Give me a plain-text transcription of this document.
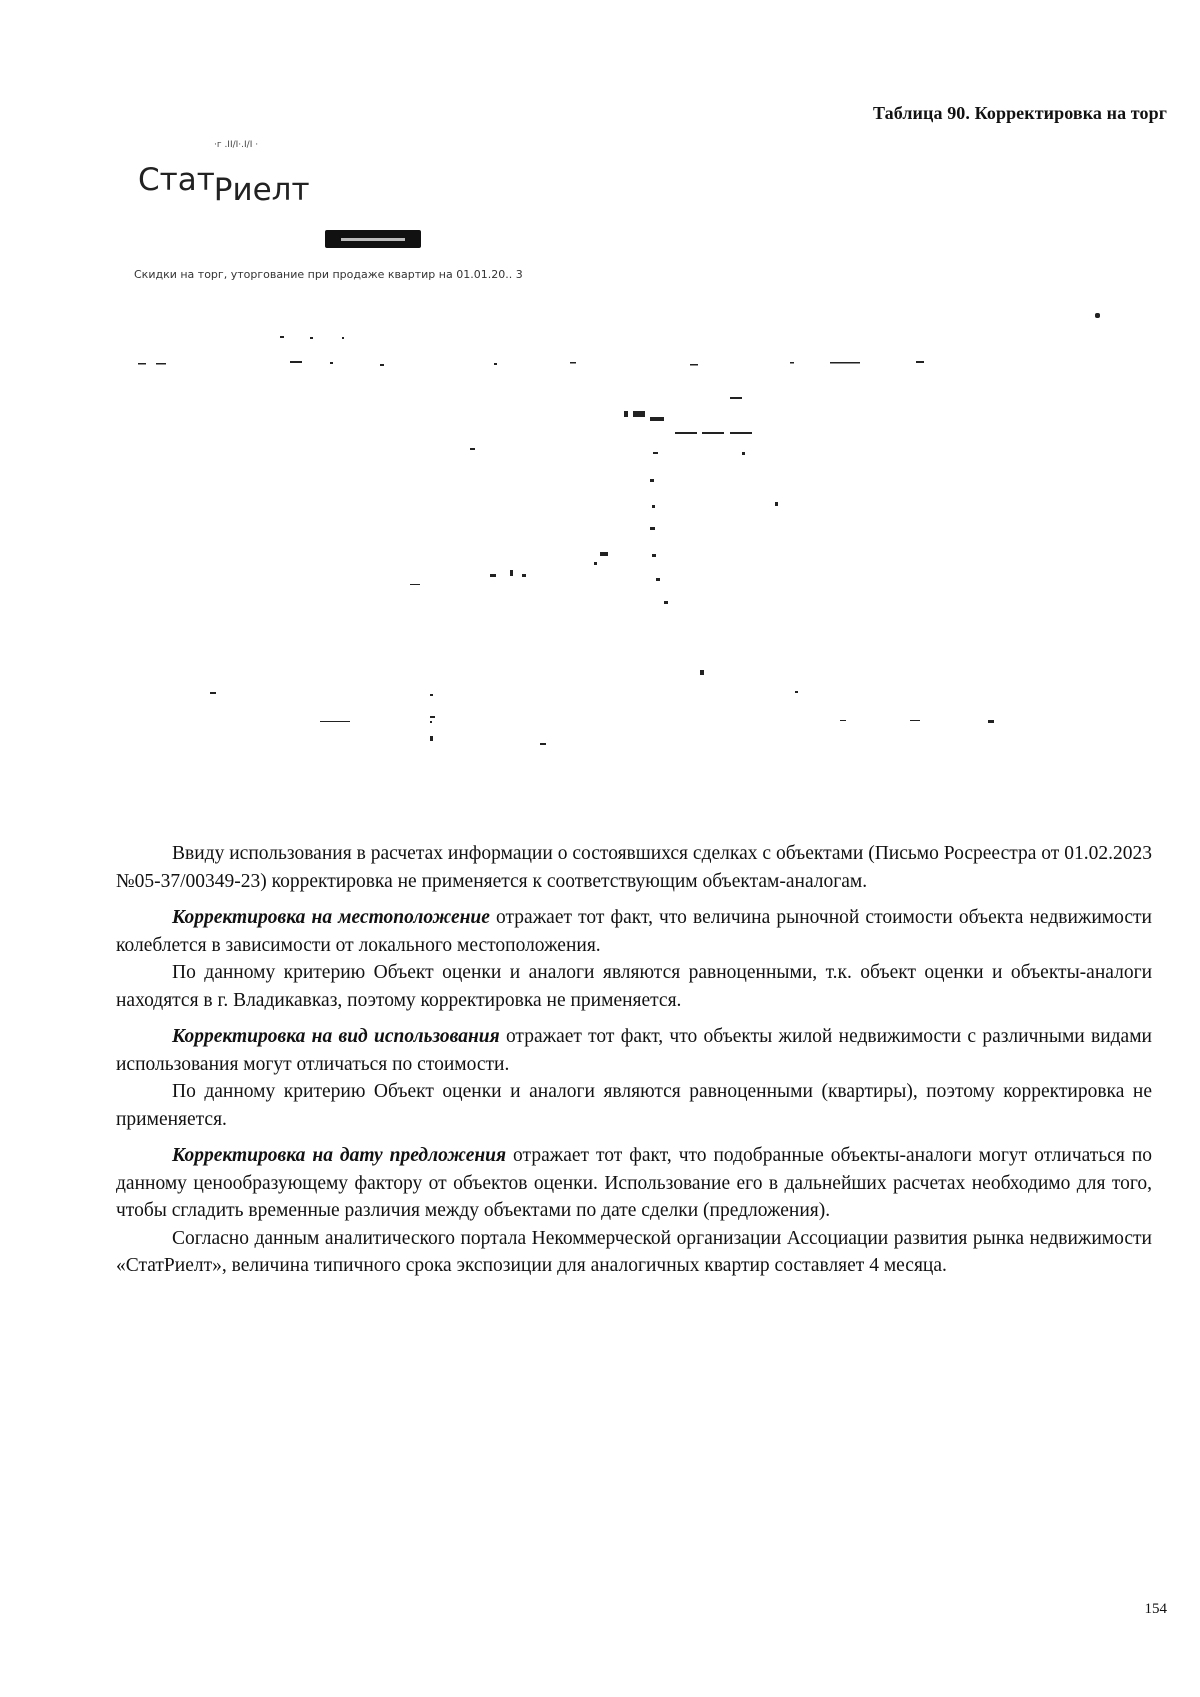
Таблица 90. Корректировка на торг
·г .II/I·.I/I ·
СтатРиелт
Скидки на торг, уторгование при продаже квартир на 01.01.20.. 3

Ввиду использования в расчетах информации о состоявшихся сделках с объектами (Письмо Росреестра от 01.02.2023 №05-37/00349-23) корректировка не применяется к соответствующим объектам-аналогам.

Корректировка на местоположение отражает тот факт, что величина рыночной стоимости объекта недвижимости колеблется в зависимости от локального местоположения.

По данному критерию Объект оценки и аналоги являются равноценными, т.к. объект оценки и объекты-аналоги находятся в г. Владикавказ, поэтому корректировка не применяется.

Корректировка на вид использования отражает тот факт, что объекты жилой недвижимости с различными видами использования могут отличаться по стоимости.

По данному критерию Объект оценки и аналоги являются равноценными (квартиры), поэтому корректировка не применяется.

Корректировка на дату предложения отражает тот факт, что подобранные объекты-аналоги могут отличаться по данному ценообразующему фактору от объектов оценки. Использование его в дальнейших расчетах необходимо для того, чтобы сгладить временные различия между объектами по дате сделки (предложения).

Согласно данным аналитического портала Некоммерческой организации Ассоциации развития рынка недвижимости «СтатРиелт», величина типичного срока экспозиции для аналогичных квартир составляет 4 месяца.

154
